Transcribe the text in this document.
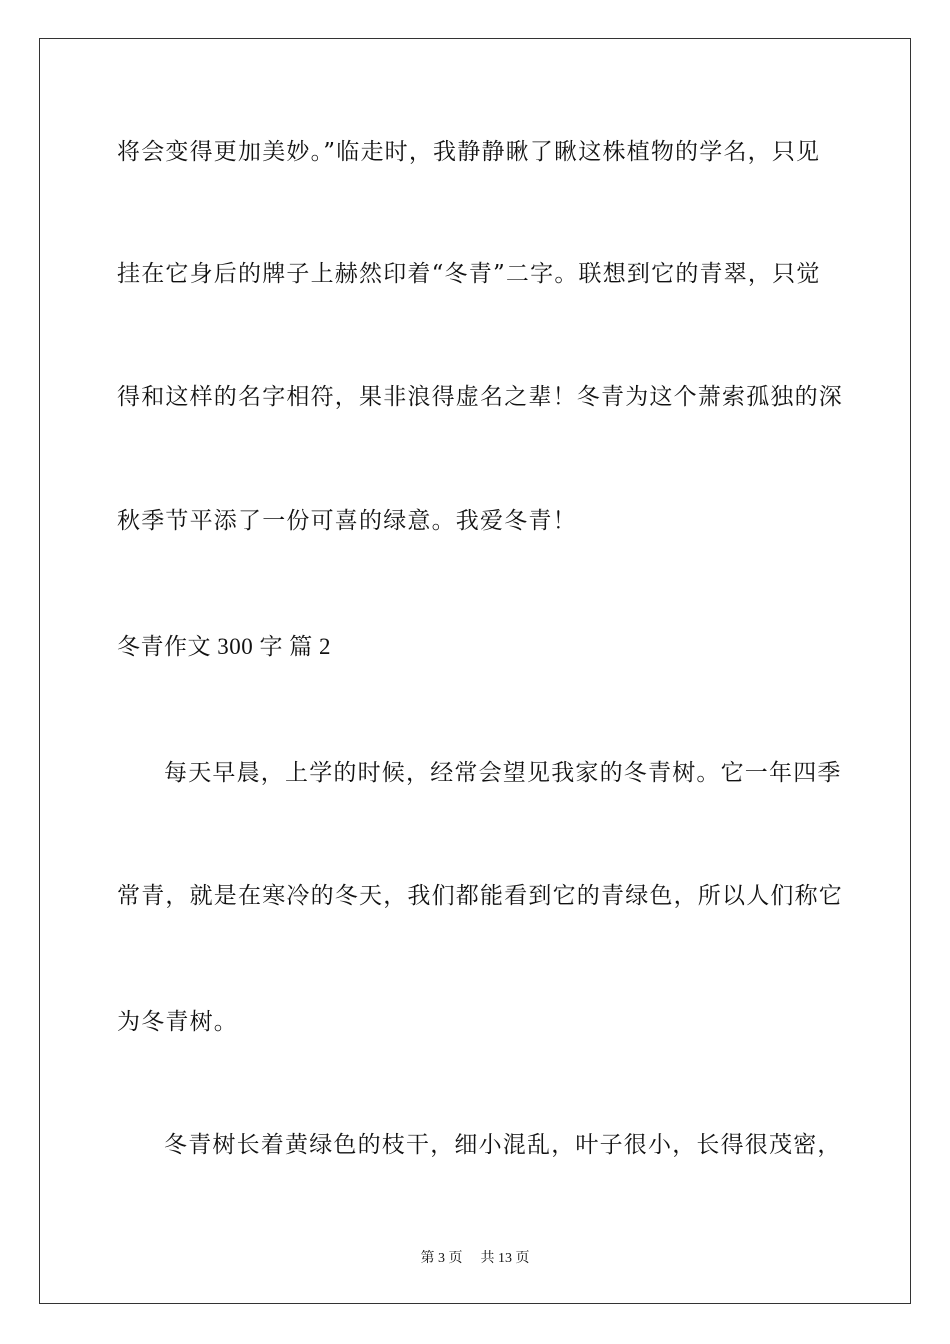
将会变得更加美妙。”临走时，我静静瞅了瞅这株植物的学名，只见
挂在它身后的牌子上赫然印着“冬青”二字。联想到它的青翠，只觉
得和这样的名字相符，果非浪得虚名之辈！冬青为这个萧索孤独的深
秋季节平添了一份可喜的绿意。我爱冬青！
冬青作文 300 字 篇 2
每天早晨，上学的时候，经常会望见我家的冬青树。它一年四季
常青，就是在寒冷的冬天，我们都能看到它的青绿色，所以人们称它
为冬青树。
冬青树长着黄绿色的枝干，细小混乱，叶子很小，长得很茂密，
第 3 页 共 13 页
